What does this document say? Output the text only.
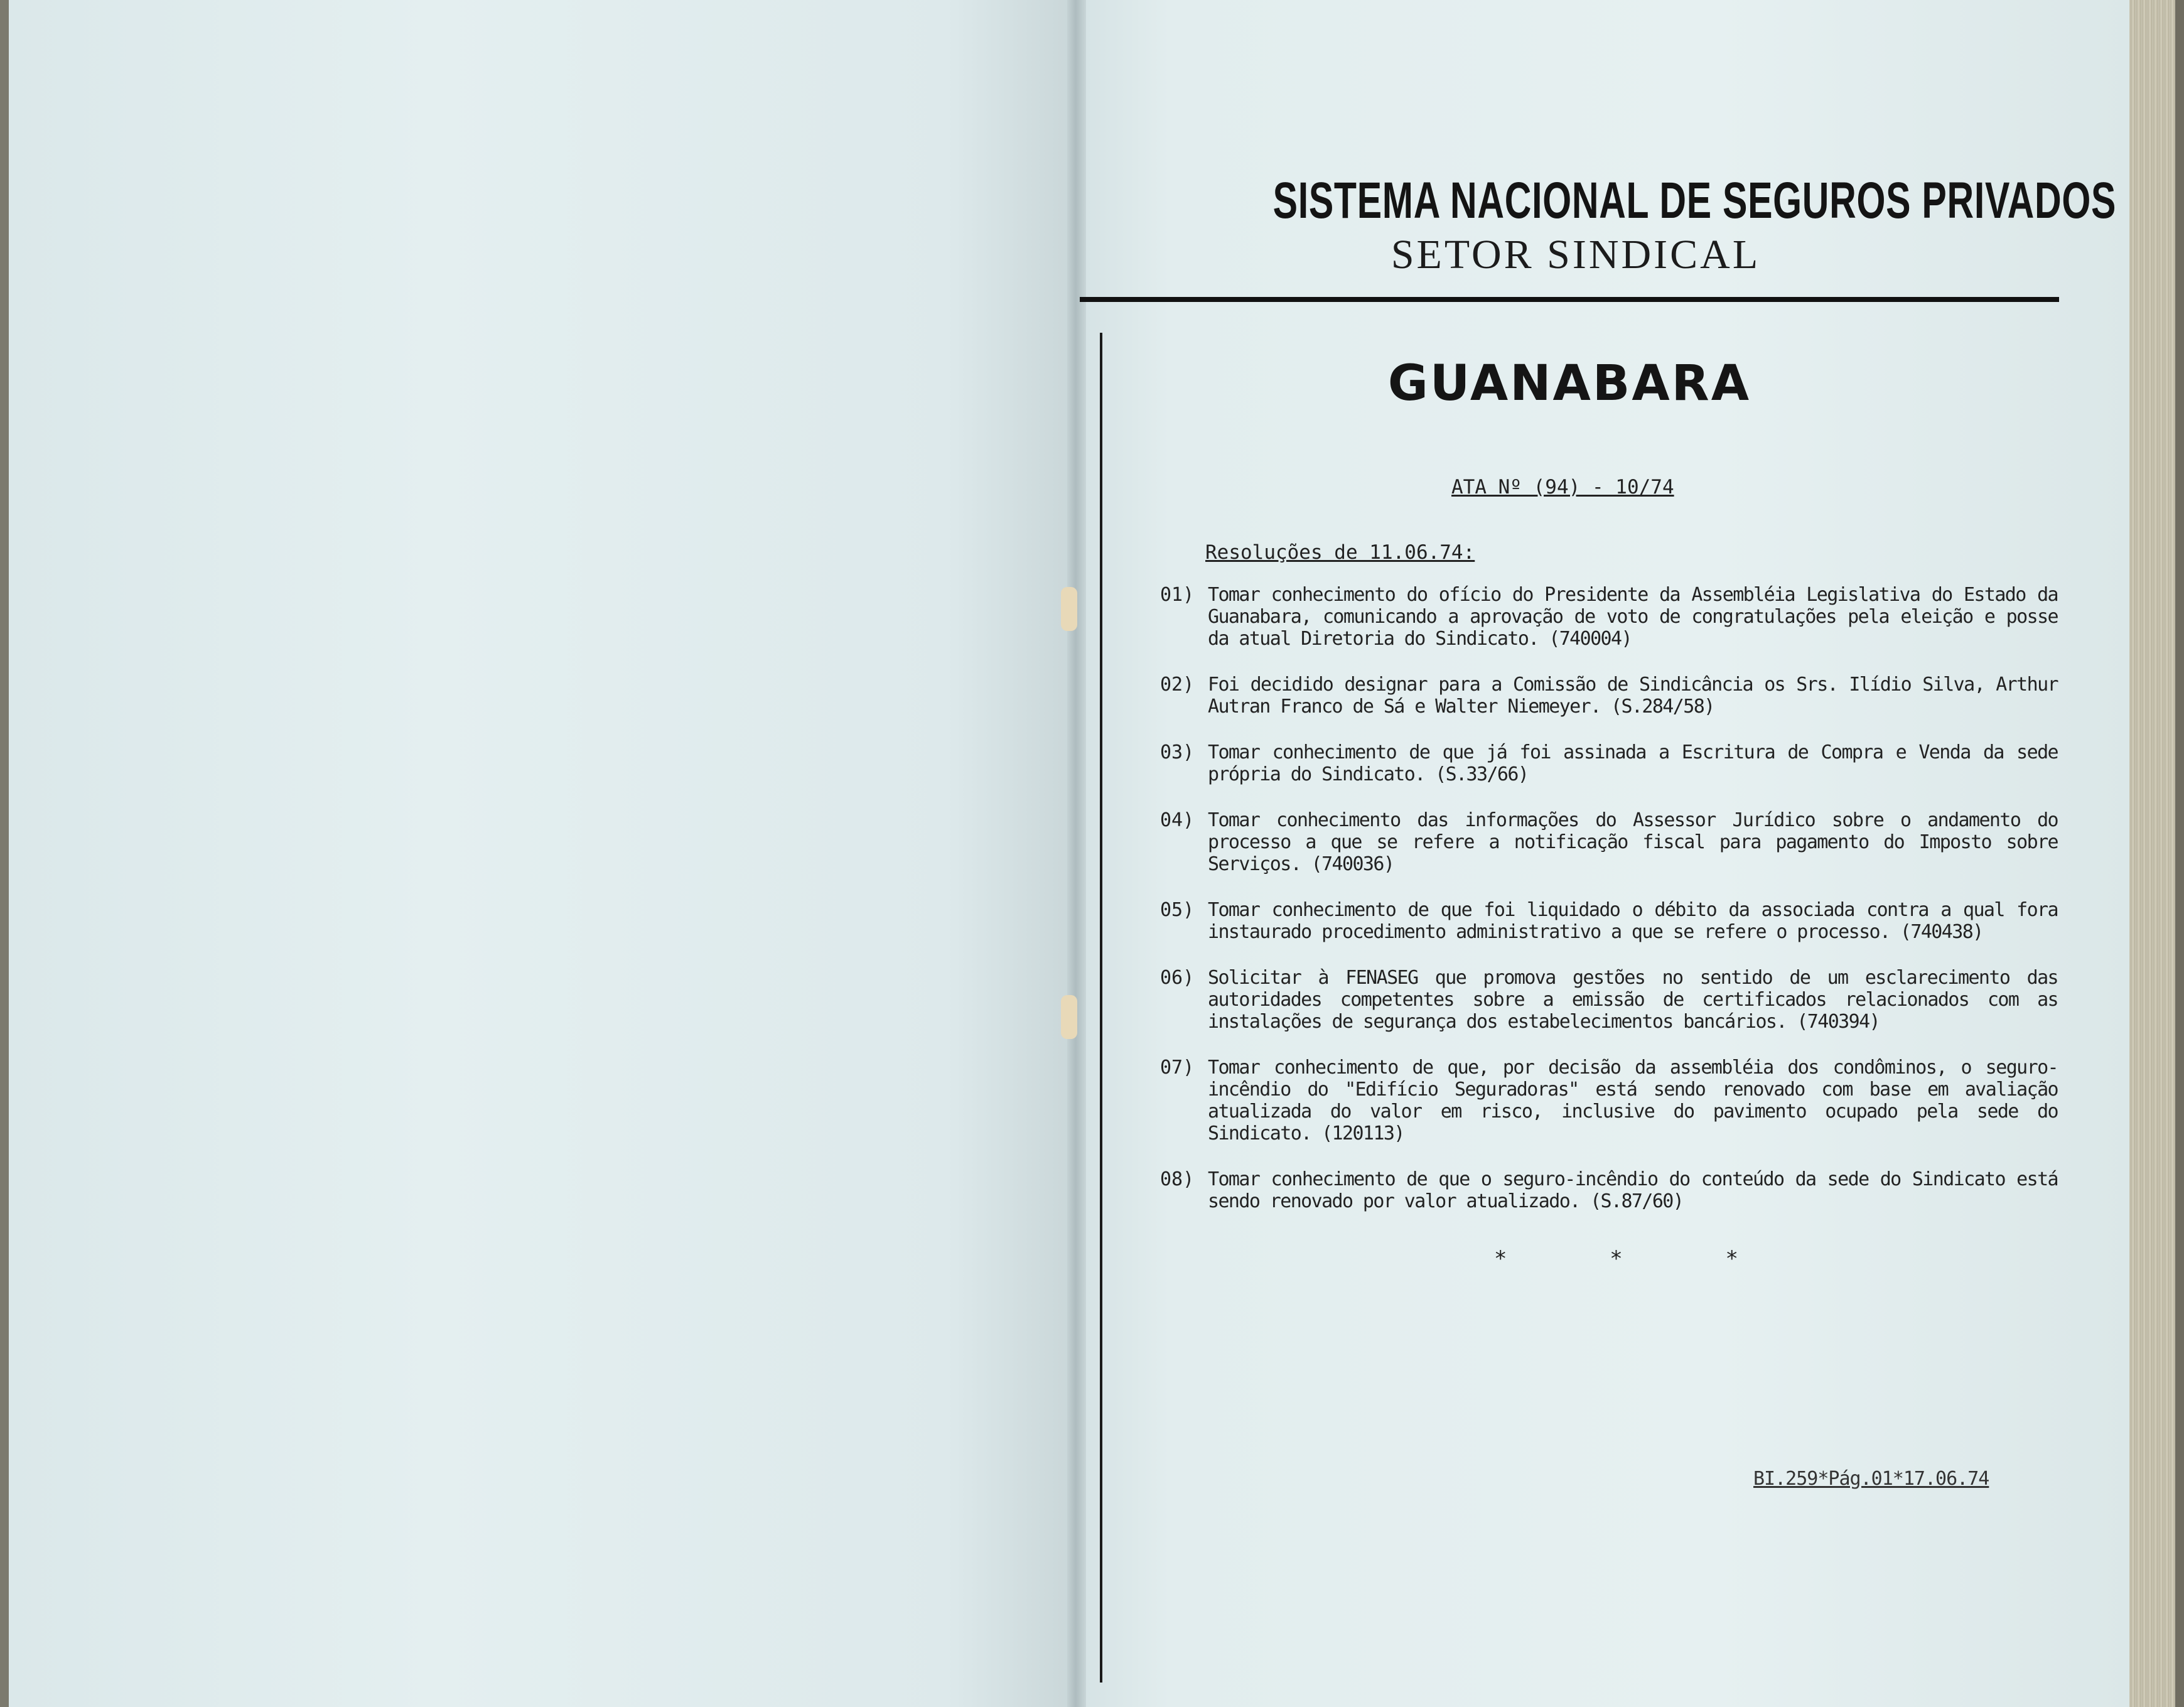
SISTEMA NACIONAL DE SEGUROS PRIVADOS
SETOR SINDICAL
GUANABARA
ATA Nº (94) - 10/74
Resoluções de 11.06.74:
01) Tomar conhecimento do ofício do Presidente da Assembléia Legislativa do Estado da Guanabara, comunicando a aprovação de voto de congratulações pela eleição e posse da atual Diretoria do Sindicato. (740004)
02) Foi decidido designar para a Comissão de Sindicância os Srs. Ilídio Silva, Arthur Autran Franco de Sá e Walter Niemeyer. (S.284/58)
03) Tomar conhecimento de que já foi assinada a Escritura de Compra e Venda da sede própria do Sindicato. (S.33/66)
04) Tomar conhecimento das informações do Assessor Jurídico sobre o andamento do processo a que se refere a notificação fiscal para pagamento do Imposto sobre Serviços. (740036)
05) Tomar conhecimento de que foi liquidado o débito da associada contra a qual fora instaurado procedimento administrativo a que se refere o processo. (740438)
06) Solicitar à FENASEG que promova gestões no sentido de um esclarecimento das autoridades competentes sobre a emissão de certificados relacionados com as instalações de segurança dos estabelecimentos bancários. (740394)
07) Tomar conhecimento de que, por decisão da assembléia dos condôminos, o seguro-incêndio do "Edifício Seguradoras" está sendo renovado com base em avaliação atualizada do valor em risco, inclusive do pavimento ocupado pela sede do Sindicato. (120113)
08) Tomar conhecimento de que o seguro-incêndio do conteúdo da sede do Sindicato está sendo renovado por valor atualizado. (S.87/60)
*        *        *
BI.259*Pág.01*17.06.74
